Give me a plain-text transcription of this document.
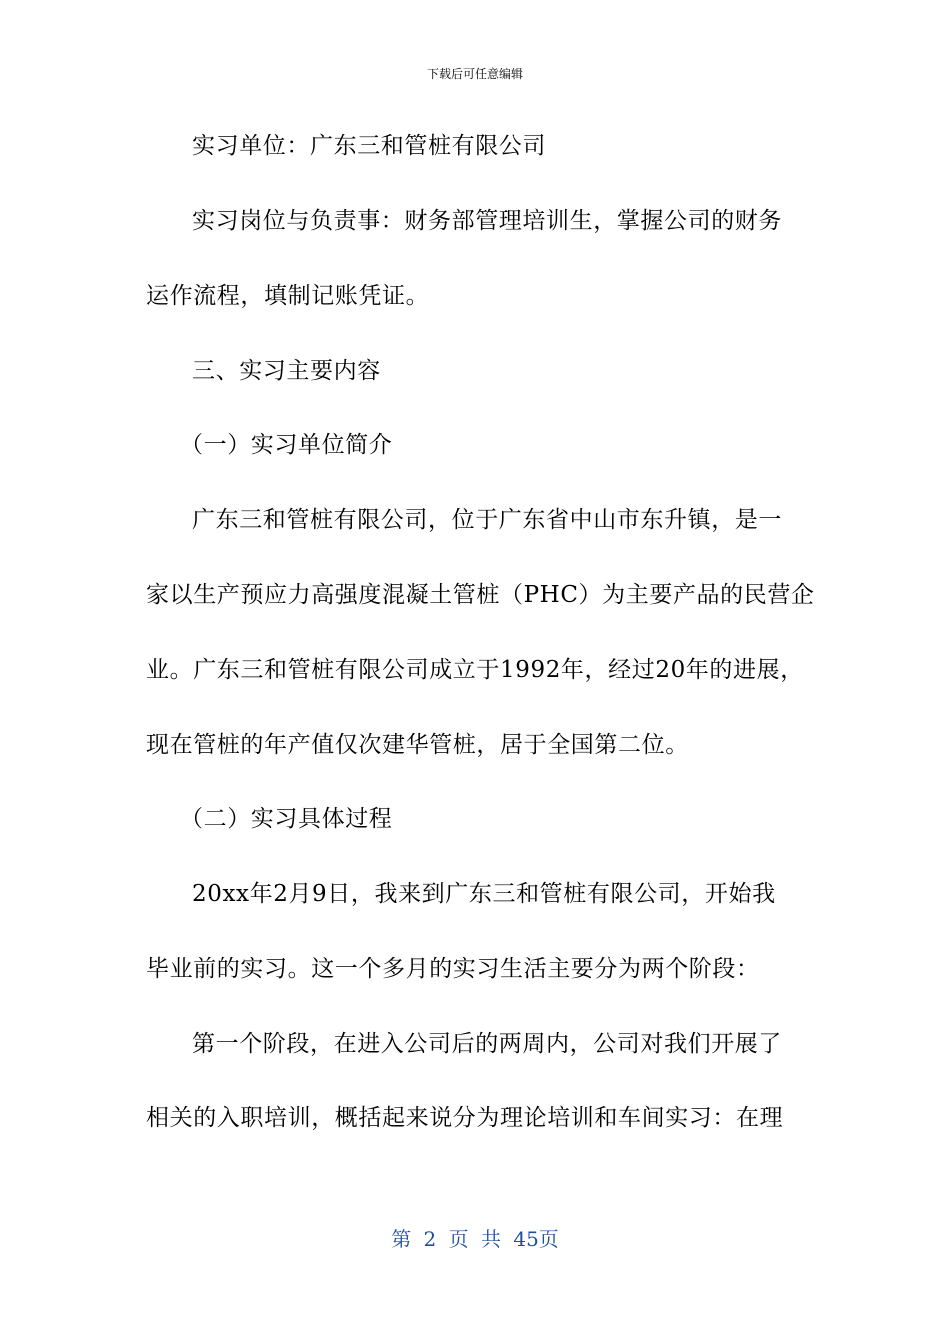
下载后可任意编辑
实习单位：广东三和管桩有限公司
实习岗位与负责事：财务部管理培训生，掌握公司的财务
运作流程，填制记账凭证。
三、实习主要内容
（一）实习单位简介
广东三和管桩有限公司，位于广东省中山市东升镇，是一
家以生产预应力高强度混凝土管桩（PHC）为主要产品的民营企
业。广东三和管桩有限公司成立于1992年，经过20年的进展，
现在管桩的年产值仅次建华管桩，居于全国第二位。
（二）实习具体过程
20xx年2月9日，我来到广东三和管桩有限公司，开始我
毕业前的实习。这一个多月的实习生活主要分为两个阶段：
第一个阶段，在进入公司后的两周内，公司对我们开展了
相关的入职培训，概括起来说分为理论培训和车间实习：在理
第 2 页 共 45页
